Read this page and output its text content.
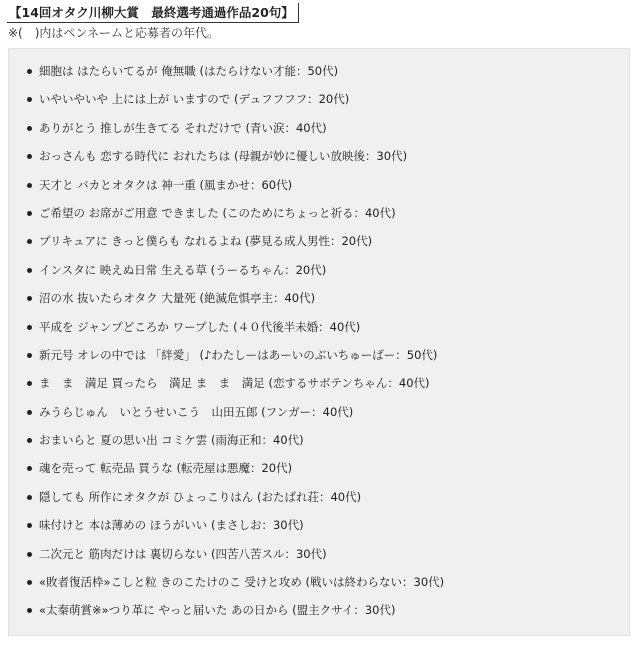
【14回オタク川柳大賞　最終選考通過作品20句】
※(　)内はペンネームと応募者の年代。
細胞は はたらいてるが 俺無職 (はたらけない才能：50代)
いやいやいや 上には上が いますので (デュフフフフ：20代)
ありがとう 推しが生きてる それだけで (青い涙：40代)
おっさんも 恋する時代に おれたちは (母親が妙に優しい放映後：30代)
天才と バカとオタクは 神一重 (風まかせ：60代)
ご希望の お席がご用意 できました (このためにちょっと祈る：40代)
プリキュアに きっと僕らも なれるよね (夢見る成人男性：20代)
インスタに 映えぬ日常 生える草 (うーるちゃん：20代)
沼の水 抜いたらオタク 大量死 (絶滅危惧亭主：40代)
平成を ジャンプどころか ワープした (４０代後半未婚：40代)
新元号 オレの中では 「絆愛」 (♪わたしーはあーいのぶいちゅーばー：50代)
ま　ま　満足 買ったら　満足 ま　ま　満足 (恋するサボテンちゃん：40代)
みうらじゅん　いとうせいこう　山田五郎 (フンガー：40代)
おまいらと 夏の思い出 コミケ雲 (雨海正和：40代)
魂を売って 転売品 買うな (転売屋は悪魔：20代)
隠しても 所作にオタクが ひょっこりはん (おたばれ荘：40代)
味付けと 本は薄めの ほうがいい (まさしお：30代)
二次元と 筋肉だけは 裏切らない (四苦八苦スル：30代)
«敗者復活枠»こしと粒 きのこたけのこ 受けと攻め (戦いは終わらない：30代)
«太秦萌賞※»つり革に やっと届いた あの日から (盟主クサイ：30代)
